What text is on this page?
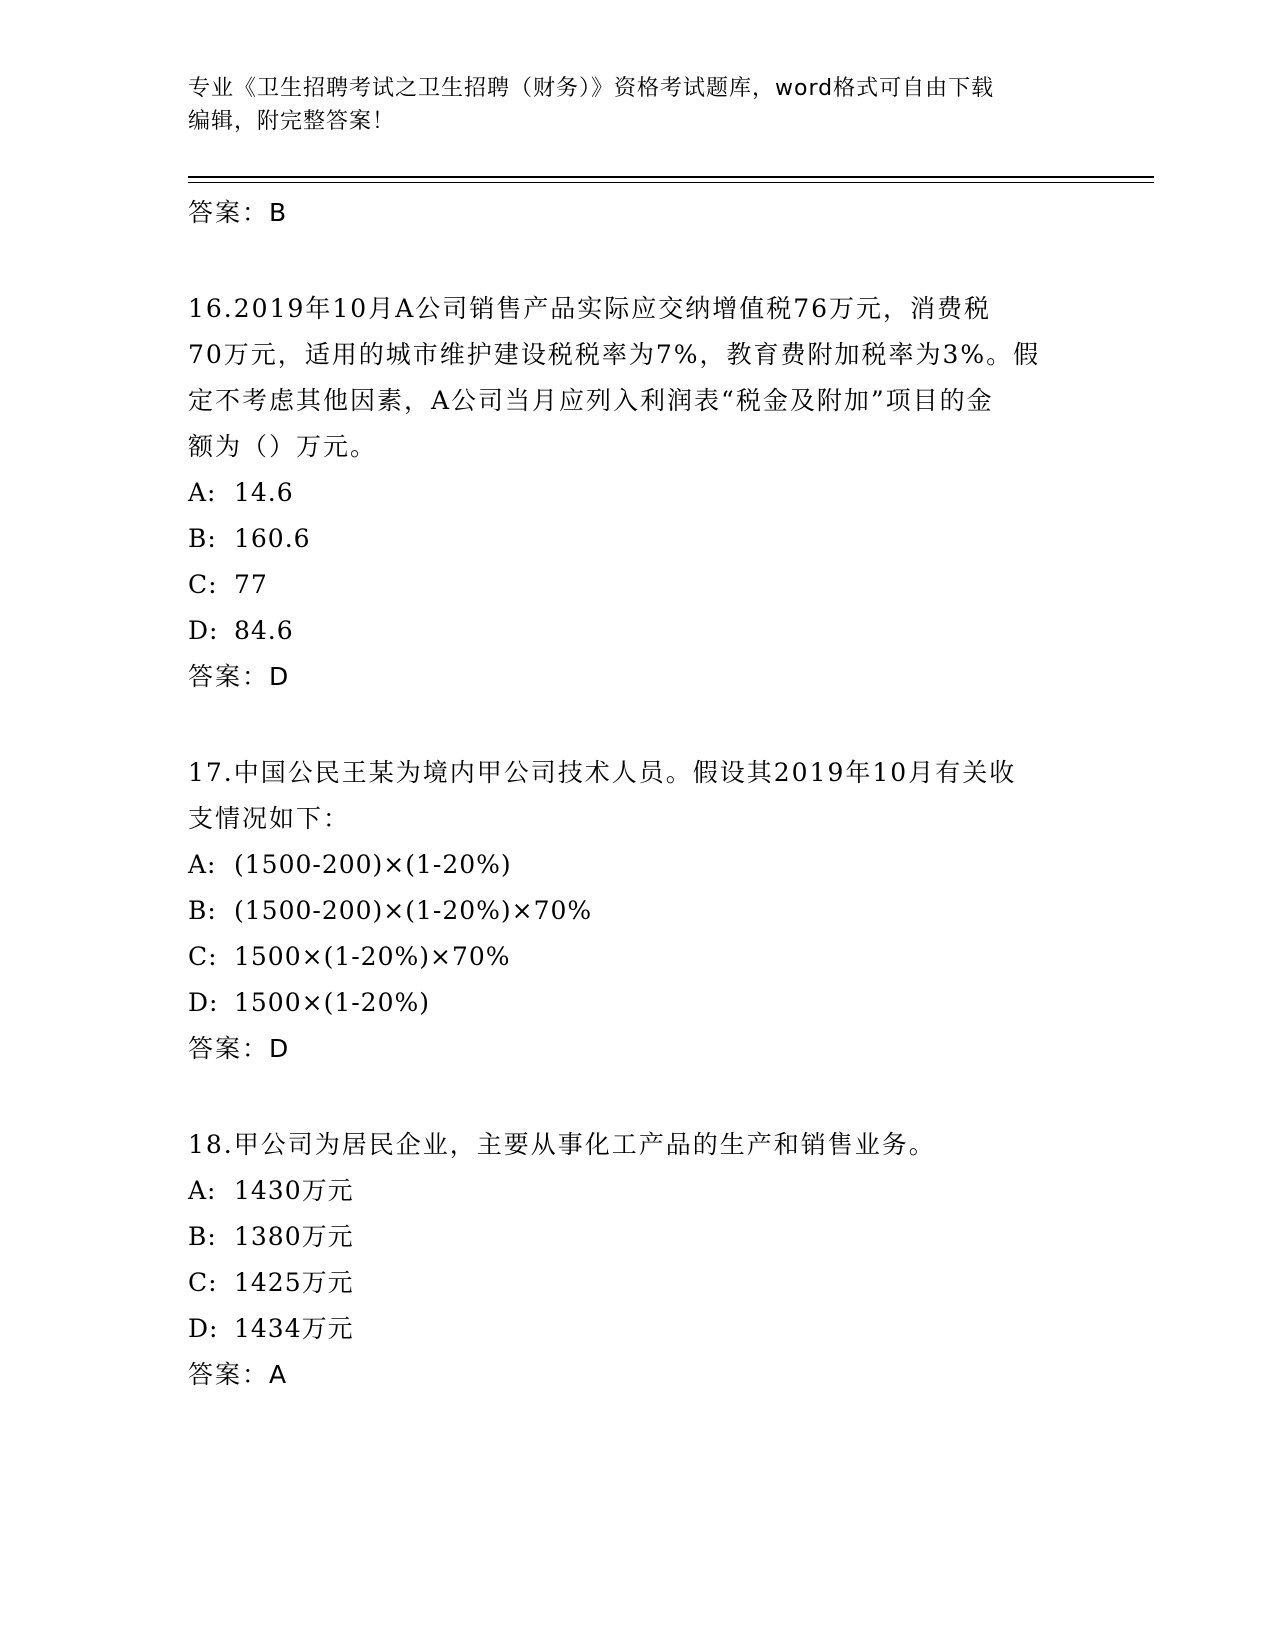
专业《卫生招聘考试之卫生招聘（财务）》资格考试题库，word格式可自由下载
编辑，附完整答案！
答案：B
16.2019年10月A公司销售产品实际应交纳增值税76万元，消费税
70万元，适用的城市维护建设税税率为7%，教育费附加税率为3%。假
定不考虑其他因素，A公司当月应列入利润表“税金及附加”项目的金
额为（）万元。
A: 14.6
B: 160.6
C: 77
D: 84.6
答案：D
17.中国公民王某为境内甲公司技术人员。假设其2019年10月有关收
支情况如下：
A: (1500-200)×(1-20%)
B: (1500-200)×(1-20%)×70%
C: 1500×(1-20%)×70%
D: 1500×(1-20%)
答案：D
18.甲公司为居民企业，主要从事化工产品的生产和销售业务。
A: 1430万元
B: 1380万元
C: 1425万元
D: 1434万元
答案：A
